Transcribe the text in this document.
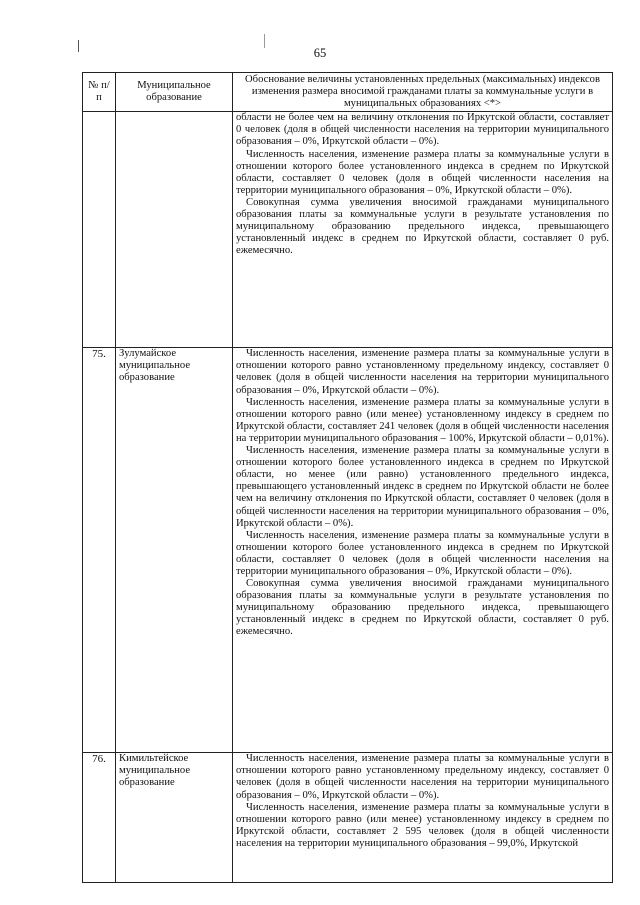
65
№ п/п	Муниципальное образование	Обоснование величины установленных предельных (максимальных) индексов изменения размера вносимой гражданами платы за коммунальные услуги в муниципальных образованиях <*>

		области не более чем на величину отклонения по Иркутской области, составляет 0 человек (доля в общей численности населения на территории муниципального образования – 0%, Иркутской области – 0%).

Численность населения, изменение размера платы за коммунальные услуги в отношении которого более установленного индекса в среднем по Иркутской области, составляет 0 человек (доля в общей численности населения на территории муниципального образования – 0%, Иркутской области – 0%).

Совокупная сумма увеличения вносимой гражданами муниципального образования платы за коммунальные услуги в результате установления по муниципальному образованию предельного индекса, превышающего установленный индекс в среднем по Иркутской области, составляет 0 руб. ежемесячно.

75.	Зулумайское муниципальное образование	Численность населения, изменение размера платы за коммунальные услуги в отношении которого равно установленному предельному индексу, составляет 0 человек (доля в общей численности населения на территории муниципального образования – 0%, Иркутской области – 0%).

Численность населения, изменение размера платы за коммунальные услуги в отношении которого равно (или менее) установленному индексу в среднем по Иркутской области, составляет 241 человек (доля в общей численности населения на территории муниципального образования – 100%, Иркутской области – 0,01%).

Численность населения, изменение размера платы за коммунальные услуги в отношении которого более установленного индекса в среднем по Иркутской области, но менее (или равно) установленного предельного индекса, превышающего установленный индекс в среднем по Иркутской области не более чем на величину отклонения по Иркутской области, составляет 0 человек (доля в общей численности населения на территории муниципального образования – 0%, Иркутской области – 0%).

Численность населения, изменение размера платы за коммунальные услуги в отношении которого более установленного индекса в среднем по Иркутской области, составляет 0 человек (доля в общей численности населения на территории муниципального образования – 0%, Иркутской области – 0%).

Совокупная сумма увеличения вносимой гражданами муниципального образования платы за коммунальные услуги в результате установления по муниципальному образованию предельного индекса, превышающего установленный индекс в среднем по Иркутской области, составляет 0 руб. ежемесячно.

76.	Кимильтейское муниципальное образование	Численность населения, изменение размера платы за коммунальные услуги в отношении которого равно установленному предельному индексу, составляет 0 человек (доля в общей численности населения на территории муниципального образования – 0%, Иркутской области – 0%).

Численность населения, изменение размера платы за коммунальные услуги в отношении которого равно (или менее) установленному индексу в среднем по Иркутской области, составляет 2 595 человек (доля в общей численности населения на территории муниципального образования – 99,0%, Иркутской
